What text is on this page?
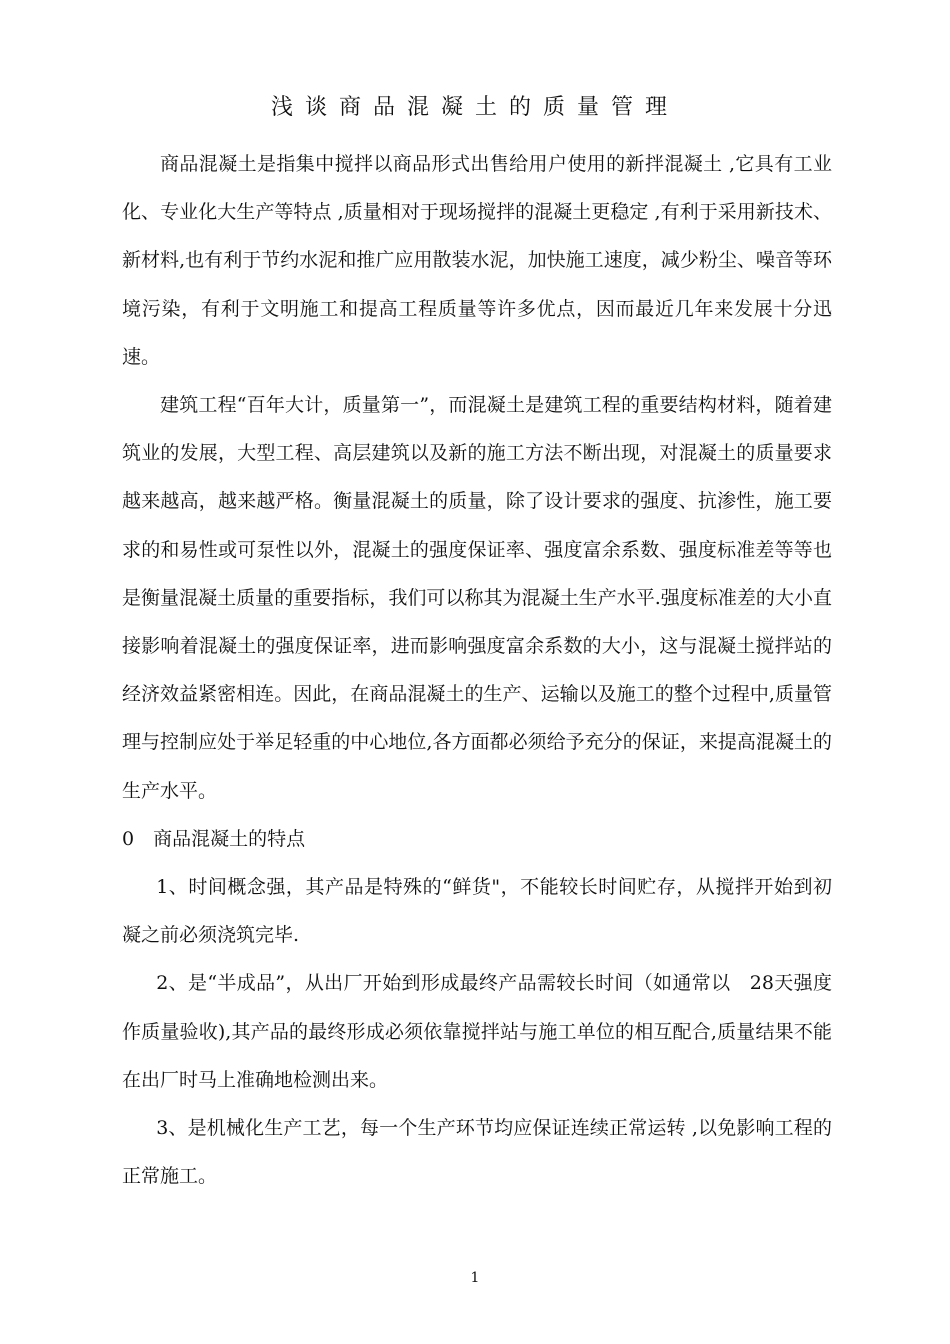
浅谈商品混凝土的质量管理

商品混凝土是指集中搅拌以商品形式出售给用户使用的新拌混凝土 ,它具有工业化、专业化大生产等特点 ,质量相对于现场搅拌的混凝土更稳定 ,有利于采用新技术、新材料,也有利于节约水泥和推广应用散装水泥，加快施工速度，减少粉尘、噪音等环境污染，有利于文明施工和提高工程质量等许多优点，因而最近几年来发展十分迅速。

建筑工程“百年大计，质量第一”，而混凝土是建筑工程的重要结构材料，随着建筑业的发展，大型工程、高层建筑以及新的施工方法不断出现，对混凝土的质量要求越来越高，越来越严格。衡量混凝土的质量，除了设计要求的强度、抗渗性，施工要求的和易性或可泵性以外，混凝土的强度保证率、强度富余系数、强度标准差等等也是衡量混凝土质量的重要指标，我们可以称其为混凝土生产水平.强度标准差的大小直接影响着混凝土的强度保证率，进而影响强度富余系数的大小，这与混凝土搅拌站的经济效益紧密相连。因此，在商品混凝土的生产、运输以及施工的整个过程中,质量管理与控制应处于举足轻重的中心地位,各方面都必须给予充分的保证，来提高混凝土的生产水平。

0　商品混凝土的特点

1、时间概念强，其产品是特殊的“鲜货"，不能较长时间贮存，从搅拌开始到初凝之前必须浇筑完毕.

2、是“半成品”，从出厂开始到形成最终产品需较长时间（如通常以　28天强度作质量验收),其产品的最终形成必须依靠搅拌站与施工单位的相互配合,质量结果不能在出厂时马上准确地检测出来。

3、是机械化生产工艺，每一个生产环节均应保证连续正常运转 ,以免影响工程的正常施工。

1
